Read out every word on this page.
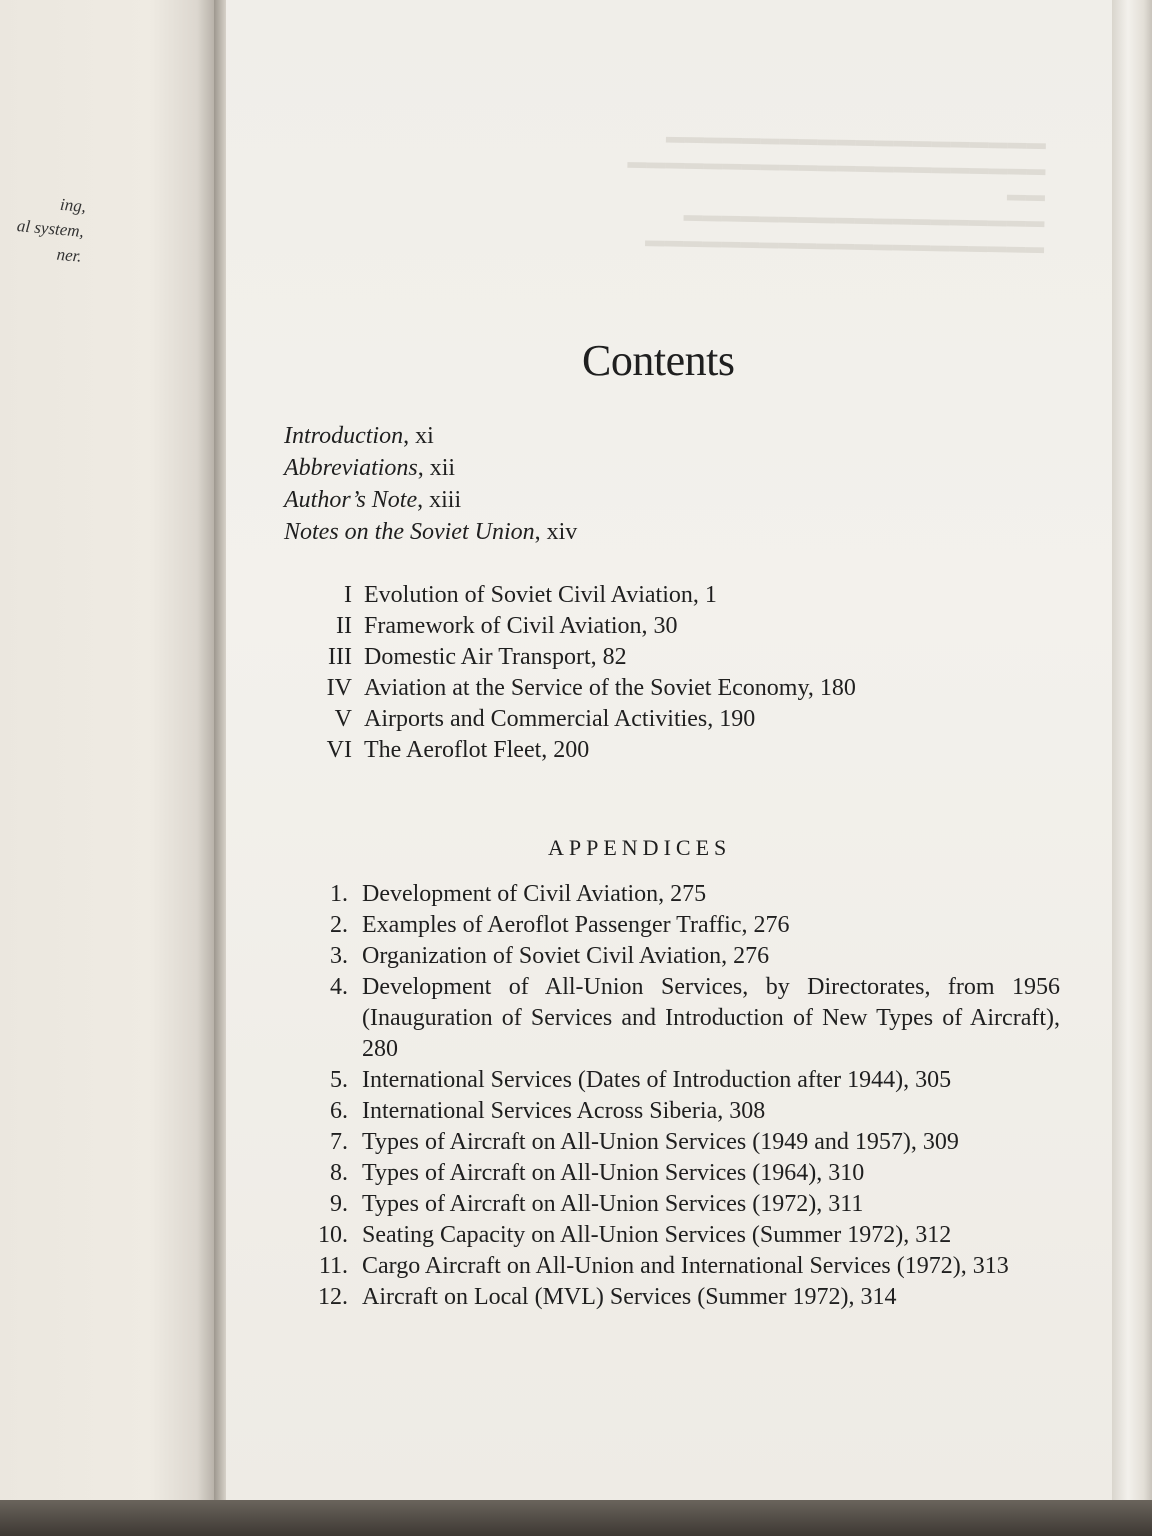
ing,
al system,
ner.
▬▬▬▬▬▬▬▬▬▬▬▬▬▬▬▬▬▬▬▬
▬▬▬▬▬▬▬▬▬▬▬▬▬▬▬▬▬▬▬▬▬▬
▬▬
▬▬▬▬▬▬▬▬▬▬▬▬▬▬▬▬▬▬▬
▬▬▬▬▬▬▬▬▬▬▬▬▬▬▬▬▬▬▬▬▬
Contents
Introduction, xi
Abbreviations, xii
Author’s Note, xiii
Notes on the Soviet Union, xiv
I Evolution of Soviet Civil Aviation, 1
II Framework of Civil Aviation, 30
III Domestic Air Transport, 82
IV Aviation at the Service of the Soviet Economy, 180
V Airports and Commercial Activities, 190
VI The Aeroflot Fleet, 200
APPENDICES
1. Development of Civil Aviation, 275
2. Examples of Aeroflot Passenger Traffic, 276
3. Organization of Soviet Civil Aviation, 276
4. Development of All-Union Services, by Directorates, from 1956 (Inauguration of Services and Introduction of New Types of Aircraft), 280
5. International Services (Dates of Introduction after 1944), 305
6. International Services Across Siberia, 308
7. Types of Aircraft on All-Union Services (1949 and 1957), 309
8. Types of Aircraft on All-Union Services (1964), 310
9. Types of Aircraft on All-Union Services (1972), 311
10. Seating Capacity on All-Union Services (Summer 1972), 312
11. Cargo Aircraft on All-Union and International Services (1972), 313
12. Aircraft on Local (MVL) Services (Summer 1972), 314
